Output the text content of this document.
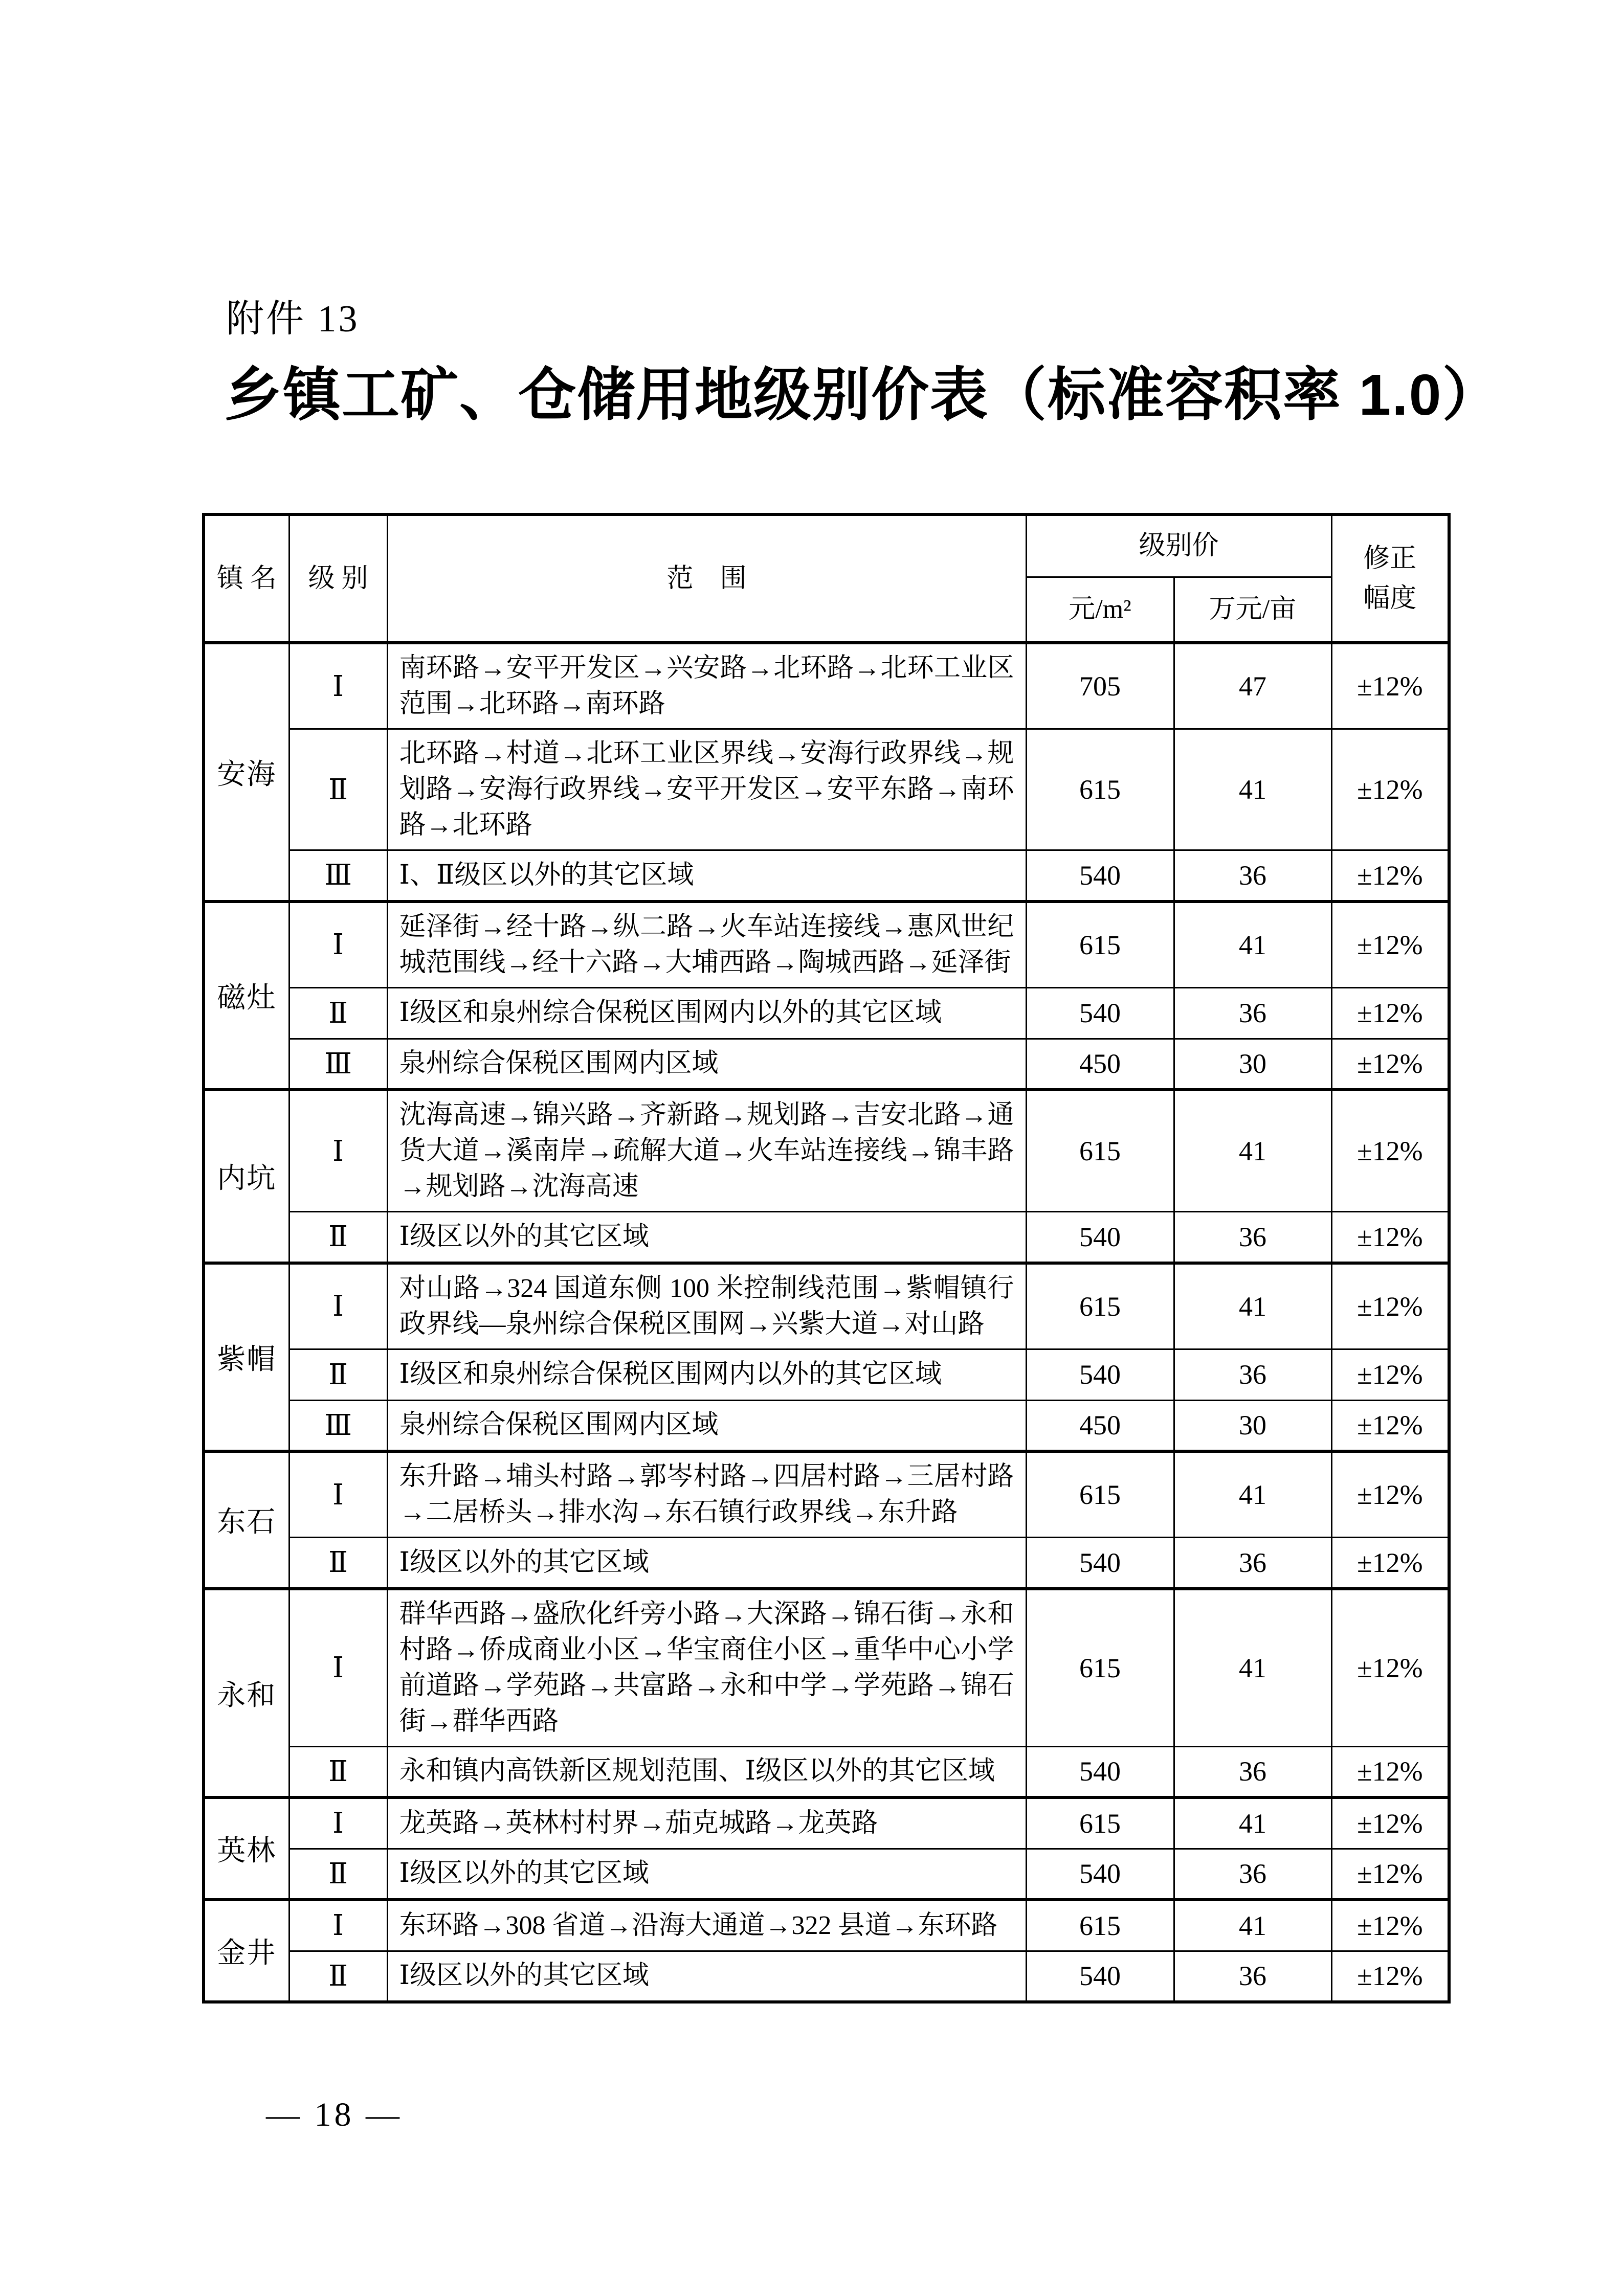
附件 13
乡镇工矿、仓储用地级别价表（标准容积率 1.0）
镇 名	级 别	范　围	级别价		修正幅度

			元/m²	万元/亩	
安海	Ⅰ	南环路→安平开发区→兴安路→北环路→北环工业区范围→北环路→南环路	705	47	±12%
	Ⅱ	北环路→村道→北环工业区界线→安海行政界线→规划路→安海行政界线→安平开发区→安平东路→南环路→北环路	615	41	±12%
	Ⅲ	Ⅰ、Ⅱ级区以外的其它区域	540	36	±12%
磁灶	Ⅰ	延泽街→经十路→纵二路→火车站连接线→惠风世纪城范围线→经十六路→大埔西路→陶城西路→延泽街	615	41	±12%
	Ⅱ	Ⅰ级区和泉州综合保税区围网内以外的其它区域	540	36	±12%
	Ⅲ	泉州综合保税区围网内区域	450	30	±12%
内坑	Ⅰ	沈海高速→锦兴路→齐新路→规划路→吉安北路→通货大道→溪南岸→疏解大道→火车站连接线→锦丰路→规划路→沈海高速	615	41	±12%
	Ⅱ	Ⅰ级区以外的其它区域	540	36	±12%
紫帽	Ⅰ	对山路→324 国道东侧 100 米控制线范围→紫帽镇行政界线—泉州综合保税区围网→兴紫大道→对山路	615	41	±12%
	Ⅱ	Ⅰ级区和泉州综合保税区围网内以外的其它区域	540	36	±12%
	Ⅲ	泉州综合保税区围网内区域	450	30	±12%
东石	Ⅰ	东升路→埔头村路→郭岑村路→四居村路→三居村路→二居桥头→排水沟→东石镇行政界线→东升路	615	41	±12%
	Ⅱ	Ⅰ级区以外的其它区域	540	36	±12%
永和	Ⅰ	群华西路→盛欣化纤旁小路→大深路→锦石街→永和村路→侨成商业小区→华宝商住小区→重华中心小学前道路→学苑路→共富路→永和中学→学苑路→锦石街→群华西路	615	41	±12%
	Ⅱ	永和镇内高铁新区规划范围、Ⅰ级区以外的其它区域	540	36	±12%
英林	Ⅰ	龙英路→英林村村界→茄克城路→龙英路	615	41	±12%
	Ⅱ	Ⅰ级区以外的其它区域	540	36	±12%
金井	Ⅰ	东环路→308 省道→沿海大通道→322 县道→东环路	615	41	±12%
	Ⅱ	Ⅰ级区以外的其它区域	540	36	±12%
— 18 —
